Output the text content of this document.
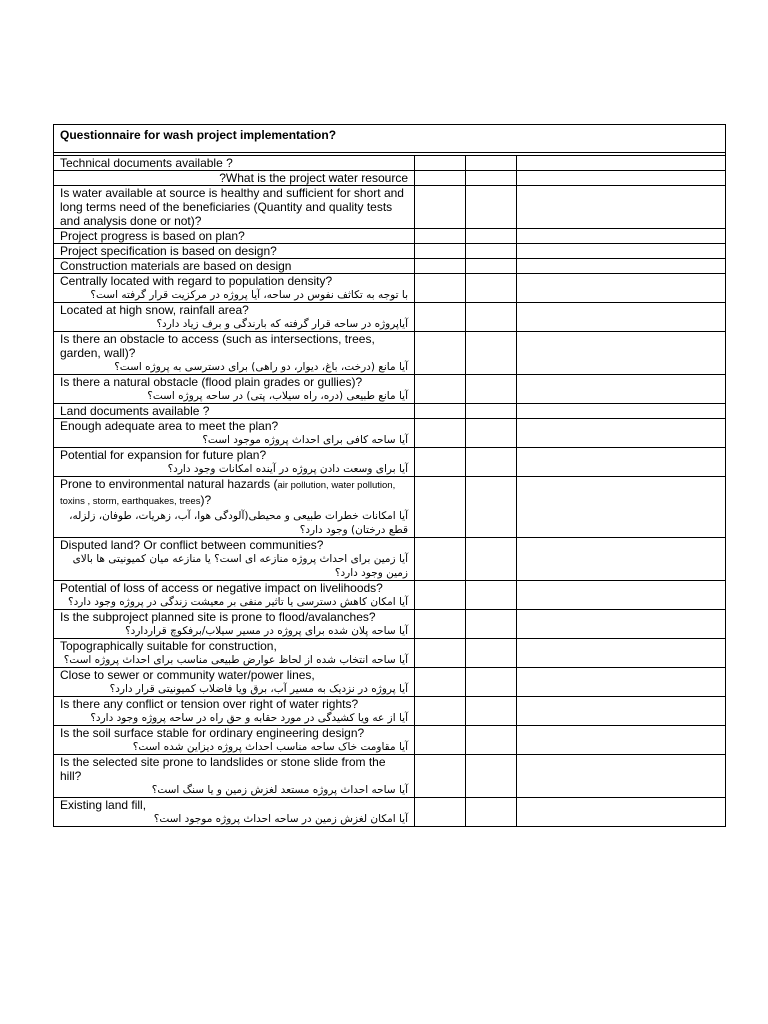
Questionnaire for wash project implementation?			

Technical documents available ?			

?What is the project water resource			

Is water available at source is healthy and sufficient for short and long terms need of the beneficiaries (Quantity and quality tests and analysis done or not)?			

Project progress is based on plan?			

Project specification is based on design?			

Construction materials are based on design			

Centrally located with regard to population density?
با توجه به تکاثف نفوس در ساحه، آیا پروژه در مرکزیت قرار گرفته است؟			

Located at high snow, rainfall area?
آیاپروژه در ساحه قرار گرفته که بارندگی و برف زیاد دارد؟			

Is there an obstacle to access (such as intersections, trees, garden, wall)?
آیا مانع (درخت، باغ، دیوار، دو راهی) برای دسترسی به پروژه است؟			

Is there a natural obstacle (flood plain grades or gullies)?
آیا مانع طبیعی (دره، راه سیلاب، پتی) در ساحه پروژه است؟			

Land documents available ?			

Enough adequate area to meet the plan?
آیا ساحه کافی برای احداث پروژه موجود است؟			

Potential for expansion for future plan?
آیا برای وسعت دادن پروژه در آینده امکانات وجود دارد؟			

Prone to environmental natural hazards (air pollution, water pollution, toxins , storm, earthquakes, trees)?
آیا امکانات خطرات طبیعی و محیطی(آلودگی هوا، آب، زهریات، طوفان، زلزله، قطع درختان) وجود دارد؟			

Disputed land? Or conflict between communities?
آیا زمین برای احداث پروژه منازعه ای است؟ یا منازعه میان کمیونیتی ها بالای زمین وجود دارد؟			

Potential of loss of access or negative impact on livelihoods?
آیا امکان کاهش دسترسی یا تاثیر منفی بر معیشت زندگی در پروژه وجود دارد؟			

Is the subproject planned site is prone to flood/avalanches?
آیا ساحه پلان شده برای پروژه در مسیر سیلاب/برفکوچ قراردارد؟			

Topographically suitable for construction,
آیا ساحه انتخاب شده از لحاظ عوارض طبیعی مناسب برای احداث پروژه است؟			

Close to sewer or community water/power lines,
آیا پروژه در نزدیک به مسیر آب، برق ویا فاضلاب کمیونیتی قرار دارد؟			

Is there any conflict or tension over right of water rights?
آیا از عه ویا کشیدگی در مورد حقابه و حق راه در ساحه پروژه وجود دارد؟			

Is the soil surface stable for ordinary engineering design?
آیا مقاومت خاک ساحه مناسب احداث پروژه دیزاین شده است؟			

Is the selected site prone to landslides or stone slide from the hill?
آیا ساحه احداث پروژه مستعد لغزش زمین و یا سنگ است؟			

Existing land fill,
آیا امکان لغزش زمین در ساحه احداث پروژه موجود است؟			
